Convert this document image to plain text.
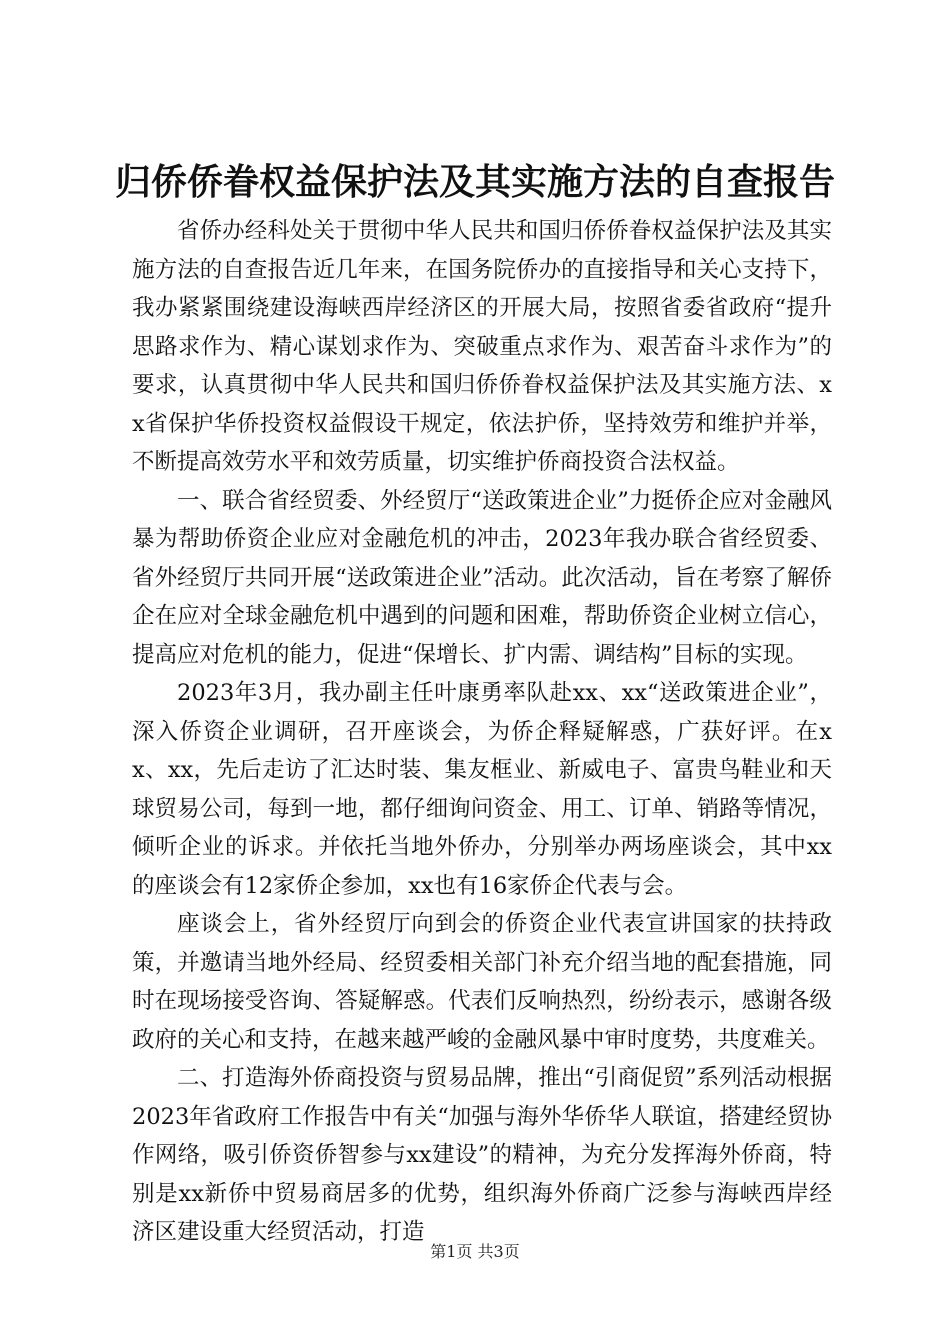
归侨侨眷权益保护法及其实施方法的自查报告

省侨办经科处关于贯彻中华人民共和国归侨侨眷权益保护法及其实施方法的自查报告近几年来，在国务院侨办的直接指导和关心支持下，我办紧紧围绕建设海峡西岸经济区的开展大局，按照省委省政府“提升思路求作为、精心谋划求作为、突破重点求作为、艰苦奋斗求作为”的要求，认真贯彻中华人民共和国归侨侨眷权益保护法及其实施方法、xx省保护华侨投资权益假设干规定，依法护侨，坚持效劳和维护并举，不断提高效劳水平和效劳质量，切实维护侨商投资合法权益。

一、联合省经贸委、外经贸厅“送政策进企业”力挺侨企应对金融风暴为帮助侨资企业应对金融危机的冲击，2023年我办联合省经贸委、省外经贸厅共同开展“送政策进企业”活动。此次活动，旨在考察了解侨企在应对全球金融危机中遇到的问题和困难，帮助侨资企业树立信心，提高应对危机的能力，促进“保增长、扩内需、调结构”目标的实现。

2023年3月，我办副主任叶康勇率队赴xx、xx“送政策进企业”，深入侨资企业调研，召开座谈会，为侨企释疑解惑，广获好评。在xx、xx，先后走访了汇达时装、集友框业、新威电子、富贵鸟鞋业和天球贸易公司，每到一地，都仔细询问资金、用工、订单、销路等情况，倾听企业的诉求。并依托当地外侨办，分别举办两场座谈会，其中xx的座谈会有12家侨企参加，xx也有16家侨企代表与会。

座谈会上，省外经贸厅向到会的侨资企业代表宣讲国家的扶持政策，并邀请当地外经局、经贸委相关部门补充介绍当地的配套措施，同时在现场接受咨询、答疑解惑。代表们反响热烈，纷纷表示，感谢各级政府的关心和支持，在越来越严峻的金融风暴中审时度势，共度难关。

二、打造海外侨商投资与贸易品牌，推出“引商促贸”系列活动根据2023年省政府工作报告中有关“加强与海外华侨华人联谊，搭建经贸协作网络，吸引侨资侨智参与xx建设”的精神，为充分发挥海外侨商，特别是xx新侨中贸易商居多的优势，组织海外侨商广泛参与海峡西岸经济区建设重大经贸活动，打造

第1页 共3页
